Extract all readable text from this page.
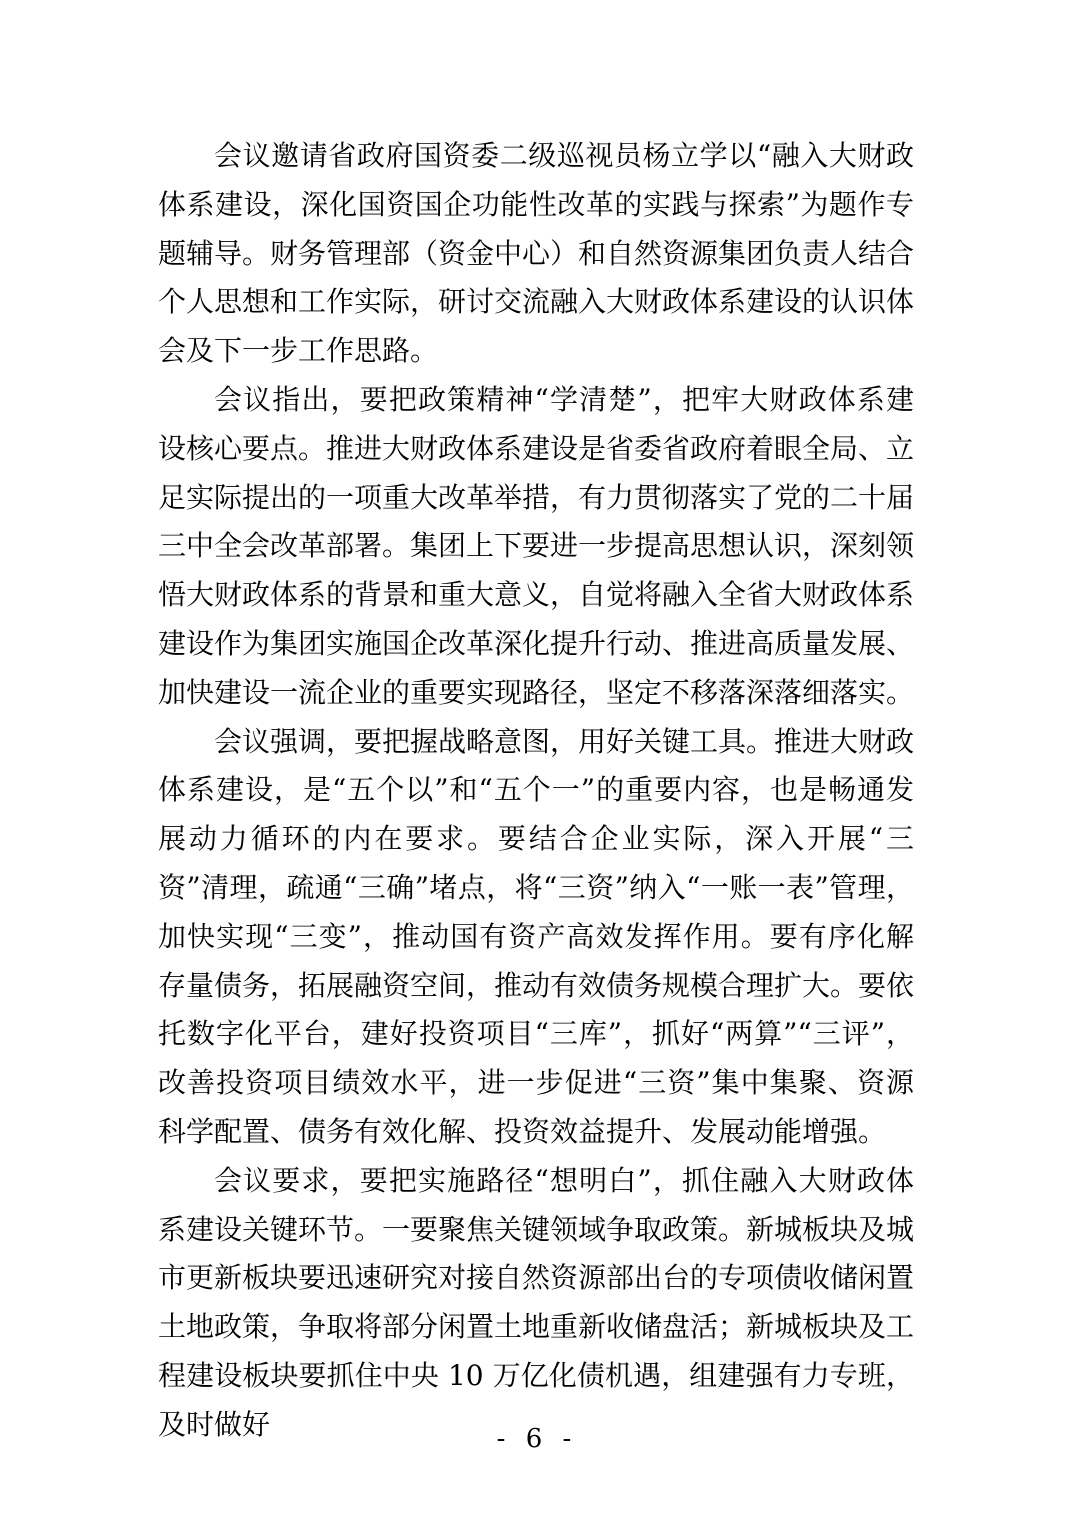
会议邀请省政府国资委二级巡视员杨立学以“融入大财政体系建设，深化国资国企功能性改革的实践与探索”为题作专题辅导。财务管理部（资金中心）和自然资源集团负责人结合个人思想和工作实际，研讨交流融入大财政体系建设的认识体会及下一步工作思路。

会议指出，要把政策精神“学清楚”，把牢大财政体系建设核心要点。推进大财政体系建设是省委省政府着眼全局、立足实际提出的一项重大改革举措，有力贯彻落实了党的二十届三中全会改革部署。集团上下要进一步提高思想认识，深刻领悟大财政体系的背景和重大意义，自觉将融入全省大财政体系建设作为集团实施国企改革深化提升行动、推进高质量发展、加快建设一流企业的重要实现路径，坚定不移落深落细落实。

会议强调，要把握战略意图，用好关键工具。推进大财政体系建设，是“五个以”和“五个一”的重要内容，也是畅通发展动力循环的内在要求。要结合企业实际，深入开展“三资”清理，疏通“三确”堵点，将“三资”纳入“一账一表”管理，加快实现“三变”，推动国有资产高效发挥作用。要有序化解存量债务，拓展融资空间，推动有效债务规模合理扩大。要依托数字化平台，建好投资项目“三库”，抓好“两算”“三评”，改善投资项目绩效水平，进一步促进“三资”集中集聚、资源科学配置、债务有效化解、投资效益提升、发展动能增强。

会议要求，要把实施路径“想明白”，抓住融入大财政体系建设关键环节。一要聚焦关键领域争取政策。新城板块及城市更新板块要迅速研究对接自然资源部出台的专项债收储闲置土地政策，争取将部分闲置土地重新收储盘活；新城板块及工程建设板块要抓住中央 10 万亿化债机遇，组建强有力专班，及时做好	- 6 -
